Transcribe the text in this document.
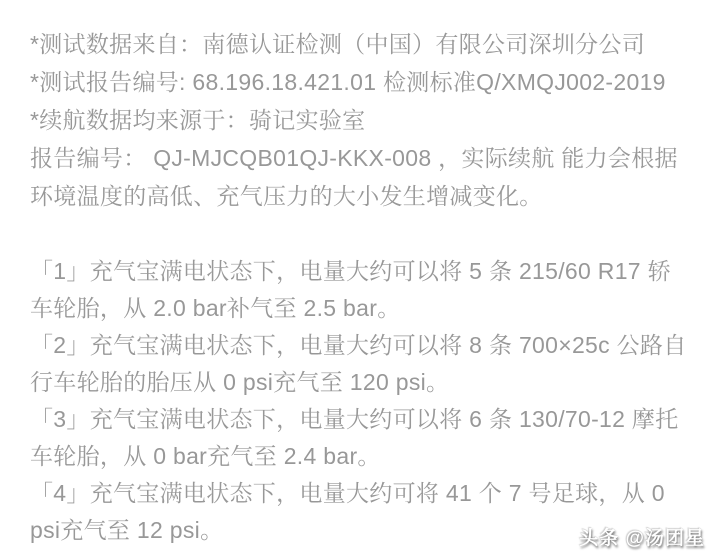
*测试数据来自：南德认证检测（中国）有限公司深圳分公司

*测试报告编号: 68.196.18.421.01 检测标准Q/XMQJ002-2019

*续航数据均来源于：骑记实验室

报告编号： QJ-MJCQB01QJ-KKX-008 ，实际续航 能力会根据环境温度的高低、充气压力的大小发生增减变化。

「1」充气宝满电状态下，电量大约可以将 5 条 215/60 R17 轿车轮胎，从 2.0 bar补气至 2.5 bar。

「2」充气宝满电状态下，电量大约可以将 8 条 700×25c 公路自行车轮胎的胎压从 0 psi充气至 120 psi。

「3」充气宝满电状态下，电量大约可以将 6 条 130/70-12 摩托车轮胎，从 0 bar充气至 2.4 bar。

「4」充气宝满电状态下，电量大约可将 41 个 7 号足球，从 0 psi充气至 12 psi。	头条 @汤团星
